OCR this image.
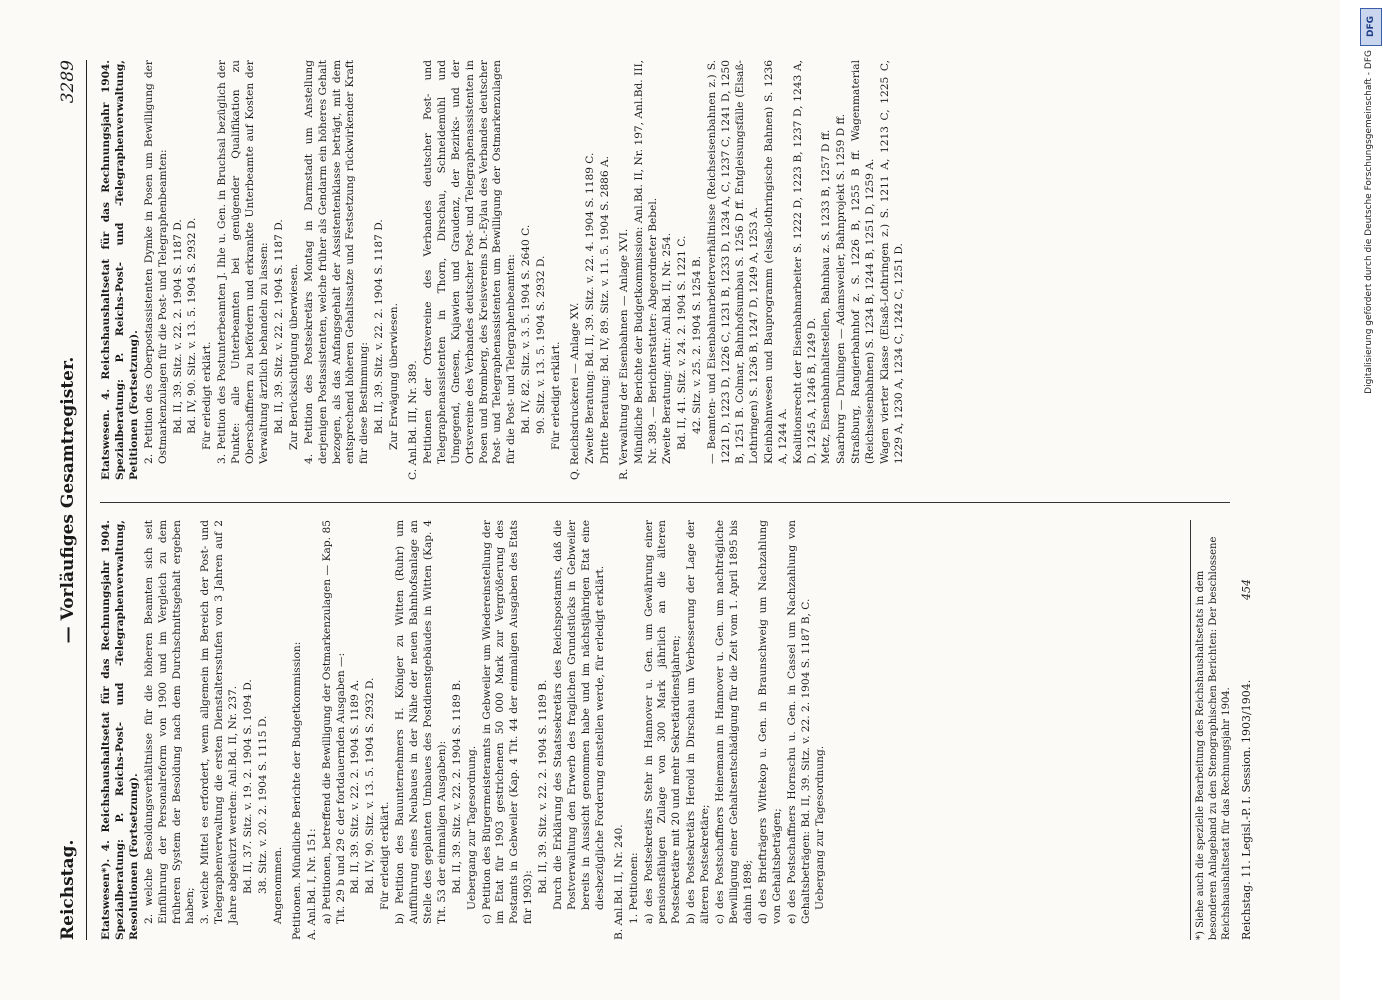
Reichstag.
— Vorläufiges Gesamtregister.
3289

Etatswesen*). 4. Reichshaushaltsetat für das Rechnungsjahr 1904. Spezialberatung: P. Reichs-Post- und -Telegraphenverwaltung, Resolutionen (Fortsetzung). 2. welche Besoldungsverhältnisse für die höheren Beamten sich seit Einführung der Personalreform von 1900 und im Vergleich zu dem früheren System der Besoldung nach dem Durchschnittsgehalt ergeben haben; 3. welche Mittel es erfordert, wenn allgemein im Bereich der Post- und Telegraphenverwaltung die ersten Dienstaltersstufen von 3 Jahren auf 2 Jahre abgekürzt werden: Anl.Bd. II, Nr. 237. Bd. II, 37. Sitz. v. 19. 2. 1904 S. 1094 D. 38. Sitz. v. 20. 2. 1904 S. 1115 D. Angenommen. Petitionen. Mündliche Berichte der Budgetkommission: A. Anl.Bd. I, Nr. 151: a) Petitionen, betreffend die Bewilligung der Ostmarkenzulagen — Kap. 85 Tit. 29 b und 29 c der fortdauernden Ausgaben —: Bd. II, 39. Sitz. v. 22. 2. 1904 S. 1189 A. Bd. IV, 90. Sitz. v. 13. 5. 1904 S. 2932 D. Für erledigt erklärt. b) Petition des Bauunternehmers H. Königer zu Witten (Ruhr) um Aufführung eines Neubaues in der Nähe der neuen Bahnhofsanlage an Stelle des geplanten Umbaues des Postdienstgebäudes in Witten (Kap. 4 Tit. 53 der einmaligen Ausgaben): Bd. II, 39. Sitz. v. 22. 2. 1904 S. 1189 B. Uebergang zur Tagesordnung. c) Petition des Bürgermeisteramts in Gebweiler um Wiedereinstellung der im Etat für 1903 gestrichenen 50 000 Mark zur Vergrößerung des Postamts in Gebweiler (Kap. 4 Tit. 44 der einmaligen Ausgaben des Etats für 1903):

Bd. II, 39. Sitz. v. 22. 2. 1904 S. 1189 B. Durch die Erklärung des Staatssekretärs des Reichspostamts, daß die Postverwaltung den Erwerb des fraglichen Grundstücks in Gebweiler bereits in Aussicht genommen habe und im nächstjährigen Etat eine diesbezügliche Forderung einstellen werde, für erledigt erklärt. B. Anl.Bd. II, Nr. 240. 1. Petitionen: a) des Postsekretärs Stehr in Hannover u. Gen. um Gewährung einer pensionsfähigen Zulage von 300 Mark jährlich an die älteren Postsekretäre mit 20 und mehr Sekretärdienstjahren; b) des Postsekretärs Herold in Dirschau um Verbesserung der Lage der älteren Postsekretäre; c) des Postschaffners Heinemann in Hannover u. Gen. um nachträgliche Bewilligung einer Gehaltsentschädigung für die Zeit vom 1. April 1895 bis dahin 1898; d) des Briefträgers Wittekop u. Gen. in Braunschweig um Nachzahlung von Gehaltsbeträgen; e) des Postschaffners Hornschu u. Gen. in Cassel um Nachzahlung von Gehaltsbeträgen: Bd. II, 39. Sitz. v. 22. 2. 1904 S. 1187 B, C. Uebergang zur Tagesordnung.

Etatswesen. 4. Reichshaushaltsetat für das Rechnungsjahr 1904. Spezialberatung: P. Reichs-Post- und -Telegraphenverwaltung, Petitionen (Fortsetzung). 2. Petition des Oberpostassistenten Dymke in Posen um Bewilligung der Ostmarkenzulagen für die Post- und Telegraphenbeamten: Bd. II, 39. Sitz. v. 22. 2. 1904 S. 1187 D. Bd. IV, 90. Sitz. v. 13. 5. 1904 S. 2932 D. Für erledigt erklärt. 3. Petition des Postunterbeamten J. Ihle u. Gen. in Bruchsal bezüglich der Punkte: alle Unterbeamten bei genügender Qualifikation zu Oberschaffnern zu befördern und erkrankte Unterbeamte auf Kosten der Verwaltung ärztlich behandeln zu lassen: Bd. II, 39. Sitz. v. 22. 2. 1904 S. 1187 D. Zur Berücksichtigung überwiesen. 4. Petition des Postsekretärs Montag in Darmstadt um Anstellung derjenigen Postassistenten, welche früher als Gendarm ein höheres Gehalt bezogen, als das Anfangsgehalt der Assistentenklasse beträgt, mit dem entsprechend höheren Gehaltssatze und Festsetzung rückwirkender Kraft für diese Bestimmung: Bd. II, 39. Sitz. v. 22. 2. 1904 S. 1187 D. Zur Erwägung überwiesen. C. Anl.Bd. III, Nr. 389. Petitionen der Ortsvereine des Verbandes deutscher Post- und Telegraphenassistenten in Thorn, Dirschau, Schneidemühl und Umgegend, Gnesen, Kujawien und Graudenz, der Bezirks- und der Ortsvereine des Verbandes deutscher Post- und Telegraphenassistenten in Posen und Bromberg, des Kreisvereins Dt.-Eylau des Verbandes deutscher Post- und Telegraphenassistenten um Bewilligung der Ostmarkenzulagen für die Post- und Telegraphenbeamten: Bd. IV, 82. Sitz. v. 3. 5. 1904 S. 2640 C. 90. Sitz. v. 13. 5. 1904 S. 2932 D. Für erledigt erklärt. Q. Reichsdruckerei — Anlage XV. Zweite Beratung: Bd. II, 39. Sitz. v. 22. 4. 1904 S. 1189 C. Dritte Beratung: Bd. IV, 89. Sitz. v. 11. 5. 1904 S. 2886 A. R. Verwaltung der Eisenbahnen — Anlage XVI. Mündliche Berichte der Budgetkommission: Anl.Bd. II, Nr. 197, Anl.Bd. III, Nr. 389. — Berichterstatter: Abgeordneter Bebel. Zweite Beratung: Antr.: Anl.Bd. II, Nr. 254. Bd. II, 41. Sitz. v. 24. 2. 1904 S. 1221 C. 42. Sitz. v. 25. 2. 1904 S. 1254 B. — Beamten- und Eisenbahnarbeiterverhältnisse (Reichseisenbahnen z.) S. 1221 D, 1223 D, 1226 C, 1231 B, 1233 D, 1234 A, C, 1237 C, 1241 D, 1250 B, 1251 B. Colmar, Bahnhofsumbau S. 1256 D ff. Entgleisungsfälle (Elsaß-Lothringen) S. 1236 B, 1247 D, 1249 A, 1253 A. Kleinbahnwesen und Bauprogramm (elsaß-lothringische Bahnen) S. 1236 A, 1244 A. Koalitionsrecht der Eisenbahnarbeiter S. 1222 D, 1223 B, 1237 D, 1243 A, D, 1245 A, 1246 B, 1249 D. Metz, Eisenbahnhaltestellen, Bahnbau z. S. 1233 B, 1257 D ff. Saarburg — Drulingen — Adamsweiler, Bahnprojekt S. 1259 D ff. Straßburg, Rangierbahnhof z. S. 1226 B, 1255 B ff. Wagenmaterial (Reichseisenbahnen) S. 1234 B, 1244 B, 1251 D, 1259 A. Wagen vierter Klasse (Elsaß-Lothringen z.) S. 1211 A, 1213 C, 1225 C, 1229 A, 1230 A, 1234 C, 1242 C, 1251 D.

*) Siehe auch die spezielle Bearbeitung des Reichshaushaltsetats in dem besonderen Anlageband zu den Stenographischen Berichten: Der beschlossene Reichshaushaltsetat für das Rechnungsjahr 1904. Reichstag. 11. Legisl.-P. I. Session. 1903/1904.
454
DFG
Digitalisierung gefördert durch die Deutsche Forschungsgemeinschaft - DFG
